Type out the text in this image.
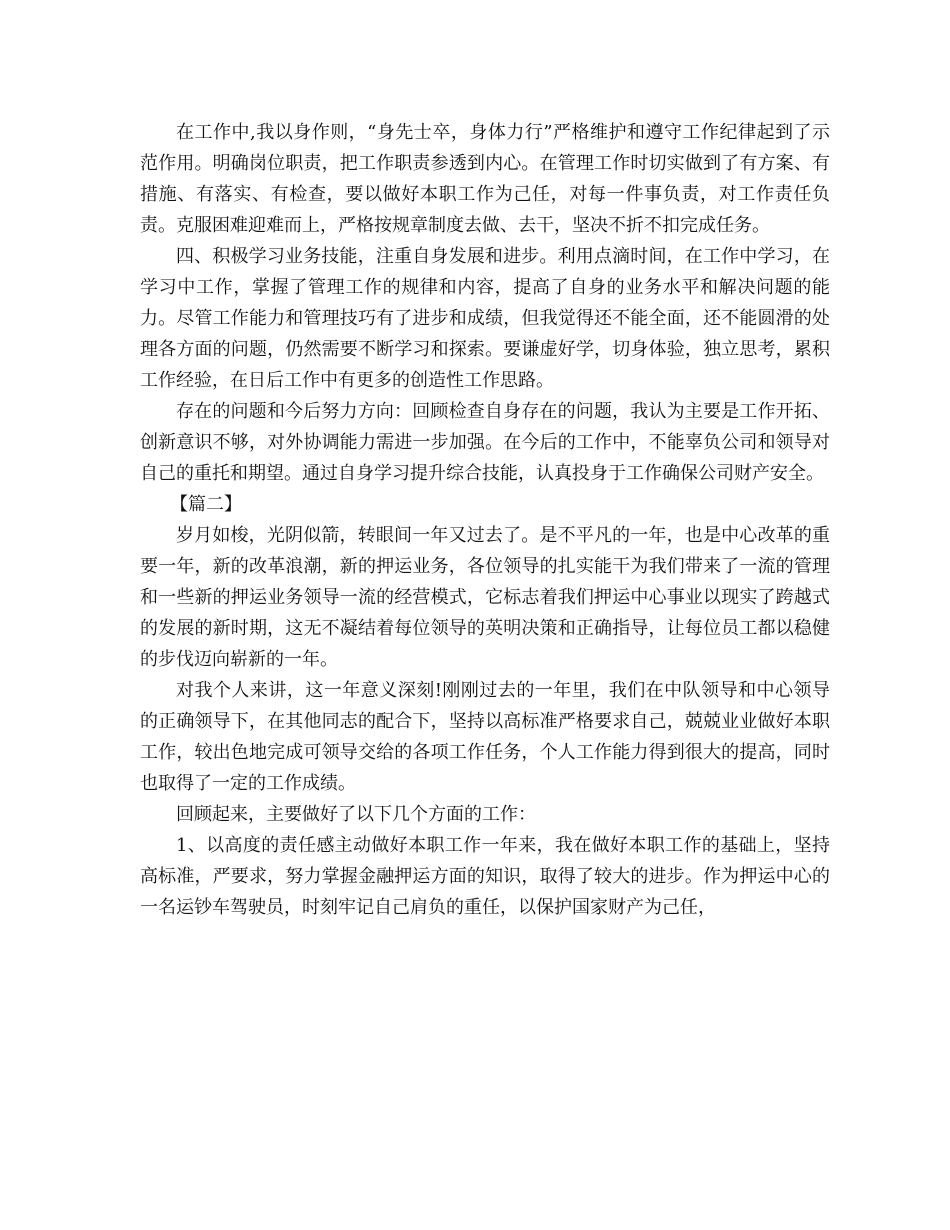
在工作中,我以身作则，“身先士卒，身体力行”严格维护和遵守工作纪律起到了示范作用。明确岗位职责，把工作职责参透到内心。在管理工作时切实做到了有方案、有措施、有落实、有检查，要以做好本职工作为己任，对每一件事负责，对工作责任负责。克服困难迎难而上，严格按规章制度去做、去干，坚决不折不扣完成任务。

四、积极学习业务技能，注重自身发展和进步。利用点滴时间，在工作中学习，在学习中工作，掌握了管理工作的规律和内容，提高了自身的业务水平和解决问题的能力。尽管工作能力和管理技巧有了进步和成绩，但我觉得还不能全面，还不能圆滑的处理各方面的问题，仍然需要不断学习和探索。要谦虚好学，切身体验，独立思考，累积工作经验，在日后工作中有更多的创造性工作思路。

存在的问题和今后努力方向：回顾检查自身存在的问题，我认为主要是工作开拓、创新意识不够，对外协调能力需进一步加强。在今后的工作中，不能辜负公司和领导对自己的重托和期望。通过自身学习提升综合技能，认真投身于工作确保公司财产安全。

【篇二】

岁月如梭，光阴似箭，转眼间一年又过去了。是不平凡的一年，也是中心改革的重要一年，新的改革浪潮，新的押运业务，各位领导的扎实能干为我们带来了一流的管理和一些新的押运业务领导一流的经营模式，它标志着我们押运中心事业以现实了跨越式的发展的新时期，这无不凝结着每位领导的英明决策和正确指导，让每位员工都以稳健的步伐迈向崭新的一年。

对我个人来讲，这一年意义深刻!刚刚过去的一年里，我们在中队领导和中心领导的正确领导下，在其他同志的配合下，坚持以高标准严格要求自己，兢兢业业做好本职工作，较出色地完成可领导交给的各项工作任务，个人工作能力得到很大的提高，同时也取得了一定的工作成绩。

回顾起来，主要做好了以下几个方面的工作：

1、以高度的责任感主动做好本职工作一年来，我在做好本职工作的基础上，坚持高标准，严要求，努力掌握金融押运方面的知识，取得了较大的进步。作为押运中心的一名运钞车驾驶员，时刻牢记自己肩负的重任，以保护国家财产为己任，
